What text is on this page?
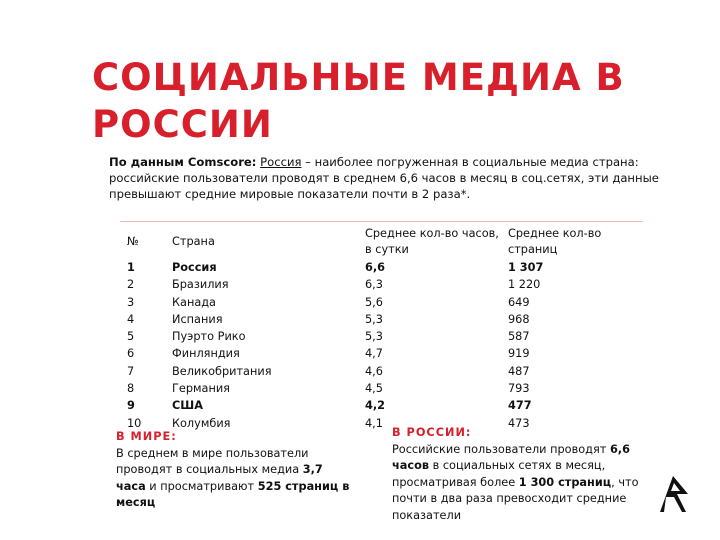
СОЦИАЛЬНЫЕ МЕДИА В РОССИИ
По данным Comscore: Россия – наиболее погруженная в социальные медиа страна: российские пользователи проводят в среднем 6,6 часов в месяц в соц.сетях, эти данные превышают средние мировые показатели почти в 2 раза*.
№	Страна	Среднее кол-во часов, в сутки	Среднее кол-во страниц
1	Россия	6,6	1 307
2	Бразилия	6,3	1 220
3	Канада	5,6	649
4	Испания	5,3	968
5	Пуэрто Рико	5,3	587
6	Финляндия	4,7	919
7	Великобритания	4,6	487
8	Германия	4,5	793
9	США	4,2	477
10	Колумбия	4,1	473
В МИРЕ:
В среднем в мире пользователи проводят в социальных медиа 3,7 часа и просматривают 525 страниц в месяц
В РОССИИ:
Российские пользователи проводят 6,6 часов в социальных сетях в месяц, просматривая более 1 300 страниц, что почти в два раза превосходит средние показатели
